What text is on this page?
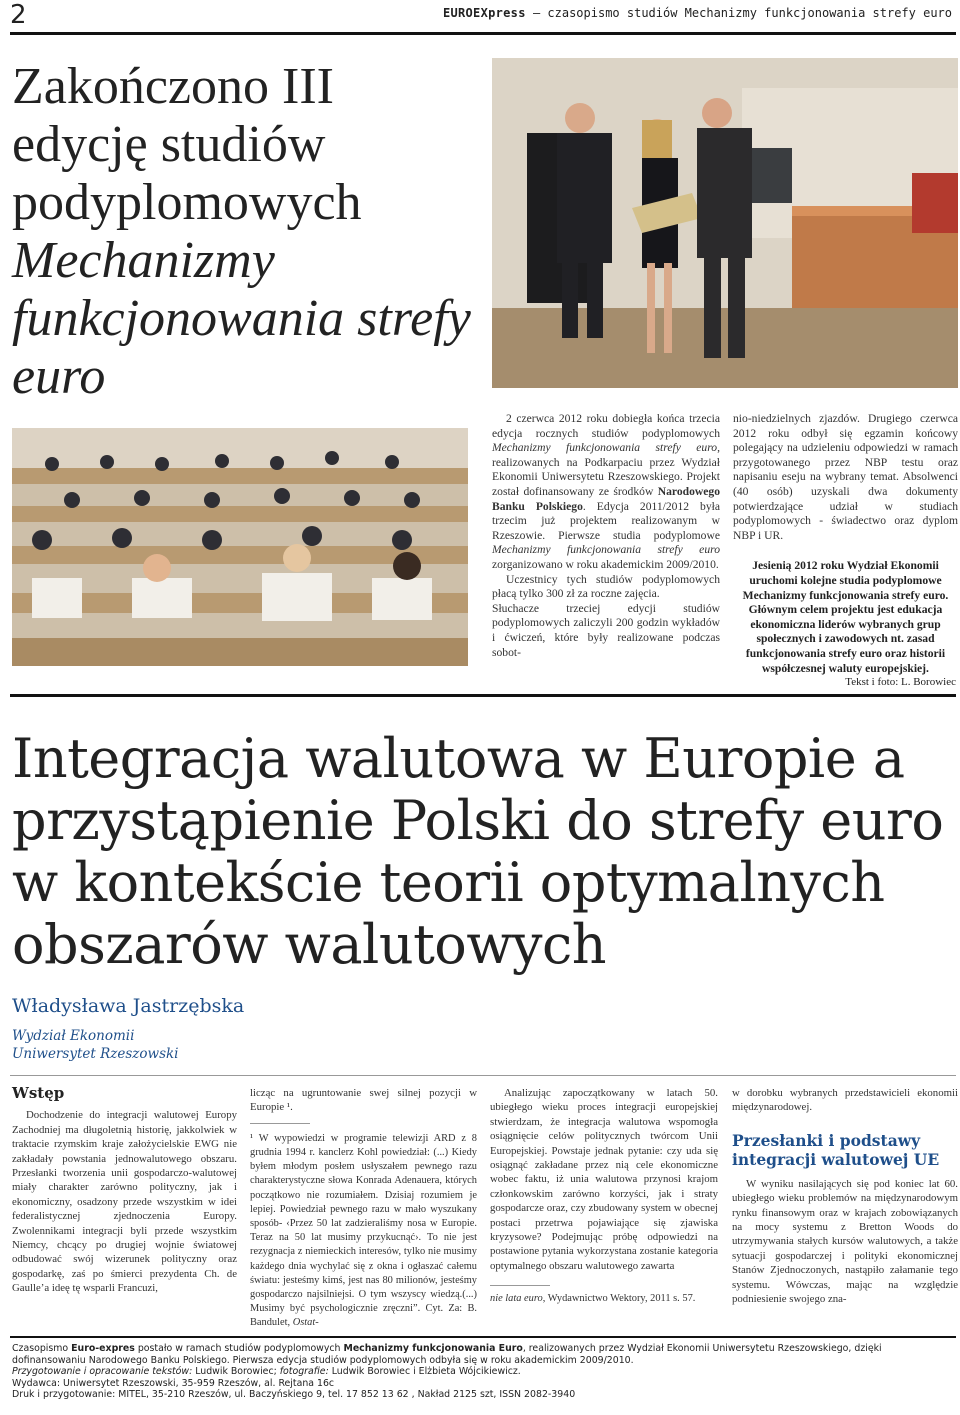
2	EUROEXpress – czasopismo studiów Mechanizmy funkcjonowania strefy euro
Zakończono III edycję studiów podyplomowych
Mechanizmy funkcjonowania strefy euro

2 czerwca 2012 roku dobiegła końca trzecia edycja rocznych studiów podyplomowych Mechanizmy funkcjonowania strefy euro, realizowanych na Podkarpaciu przez Wydział Ekonomii Uniwersytetu Rzeszowskiego. Projekt został dofinansowany ze środków Narodowego Banku Polskiego. Edycja 2011/2012 była trzecim już projektem realizowanym w Rzeszowie. Pierwsze studia podyplomowe Mechanizmy funkcjonowania strefy euro zorganizowano w roku akademickim 2009/2010.

Uczestnicy tych studiów podyplomowych płacą tylko 300 zł za roczne zajęcia.

Słuchacze trzeciej edycji studiów podyplomowych zaliczyli 200 godzin wykładów i ćwiczeń, które były realizowane podczas sobot-

nio-niedzielnych zjazdów. Drugiego czerwca 2012 roku odbył się egzamin końcowy polegający na udzieleniu odpowiedzi w ramach przygotowanego przez NBP testu oraz napisaniu eseju na wybrany temat. Absolwenci (40 osób) uzyskali dwa dokumenty potwierdzające udział w studiach podyplomowych - świadectwo oraz dyplom NBP i UR.

Jesienią 2012 roku Wydział Ekonomii uruchomi kolejne studia podyplomowe Mechanizmy funkcjonowania strefy euro. Głównym celem projektu jest edukacja ekonomiczna liderów wybranych grup społecznych i zawodowych nt. zasad funkcjonowania strefy euro oraz historii współczesnej waluty europejskiej.

Tekst i foto: L. Borowiec
Integracja walutowa w Europie a przystąpienie Polski do strefy euro w kontekście teorii optymalnych obszarów walutowych
Władysława Jastrzębska
Wydział Ekonomii
Uniwersytet Rzeszowski

Wstęp

Dochodzenie do integracji walutowej Europy Zachodniej ma długoletnią historię, jakkolwiek w traktacie rzymskim kraje założycielskie EWG nie zakładały powstania jednowalutowego obszaru. Przesłanki tworzenia unii gospodarczo-walutowej miały charakter zarówno polityczny, jak i ekonomiczny, osadzony przede wszystkim w idei federalistycznej zjednoczenia Europy. Zwolennikami integracji byli przede wszystkim Niemcy, chcący po drugiej wojnie światowej odbudować swój wizerunek polityczny oraz gospodarkę, zaś po śmierci prezydenta Ch. de Gaulle’a ideę tę wsparli Francuzi,

licząc na ugruntowanie swej silnej pozycji w Europie ¹.

¹ W wypowiedzi w programie telewizji ARD z 8 grudnia 1994 r. kanclerz Kohl powiedział: (...) Kiedy byłem młodym posłem usłyszałem pewnego razu charakterystyczne słowa Konrada Adenauera, których początkowo nie rozumiałem. Dzisiaj rozumiem je lepiej. Powiedział pewnego razu w mało wyszukany sposób- ‹Przez 50 lat zadzieraliśmy nosa w Europie. Teraz na 50 lat musimy przykucnąć›. To nie jest rezygnacja z niemieckich interesów, tylko nie musimy każdego dnia wychylać się z okna i ogłaszać całemu światu: jesteśmy kimś, jest nas 80 milionów, jesteśmy gospodarczo najsilniejsi. O tym wszyscy wiedzą.(...) Musimy być psychologicznie zręczni”. Cyt. Za: B. Bandulet, Ostat-

Analizując zapoczątkowany w latach 50. ubiegłego wieku proces integracji europejskiej stwierdzam, że integracja walutowa wspomogła osiągnięcie celów politycznych twórcom Unii Europejskiej. Powstaje jednak pytanie: czy uda się osiągnąć zakładane przez nią cele ekonomiczne wobec faktu, iż unia walutowa przynosi krajom członkowskim zarówno korzyści, jak i straty gospodarcze oraz, czy zbudowany system w obecnej postaci przetrwa pojawiające się zjawiska kryzysowe? Podejmując próbę odpowiedzi na postawione pytania wykorzystana zostanie kategoria optymalnego obszaru walutowego zawarta

nie lata euro, Wydawnictwo Wektory, 2011 s. 57.

w dorobku wybranych przedstawicieli ekonomii międzynarodowej.

Przesłanki i podstawy integracji walutowej UE

W wyniku nasilających się pod koniec lat 60. ubiegłego wieku problemów na międzynarodowym rynku finansowym oraz w krajach zobowiązanych na mocy systemu z Bretton Woods do utrzymywania stałych kursów walutowych, a także sytuacji gospodarczej i polityki ekonomicznej Stanów Zjednoczonych, nastąpiło załamanie tego systemu. Wówczas, mając na względzie podniesienie swojego zna-

Czasopismo Euro-expres postało w ramach studiów podyplomowych Mechanizmy funkcjonowania Euro, realizowanych przez Wydział Ekonomii Uniwersytetu Rzeszowskiego, dzięki dofinansowaniu Narodowego Banku Polskiego. Pierwsza edycja studiów podyplomowych odbyła się w roku akademickim 2009/2010.

Przygotowanie i opracowanie tekstów: Ludwik Borowiec; fotografie: Ludwik Borowiec i Elżbieta Wójcikiewicz.

Wydawca: Uniwersytet Rzeszowski, 35-959 Rzeszów, al. Rejtana 16c

Druk i przygotowanie: MITEL, 35-210 Rzeszów, ul. Baczyńskiego 9, tel. 17 852 13 62 , Nakład 2125 szt, ISSN 2082-3940
